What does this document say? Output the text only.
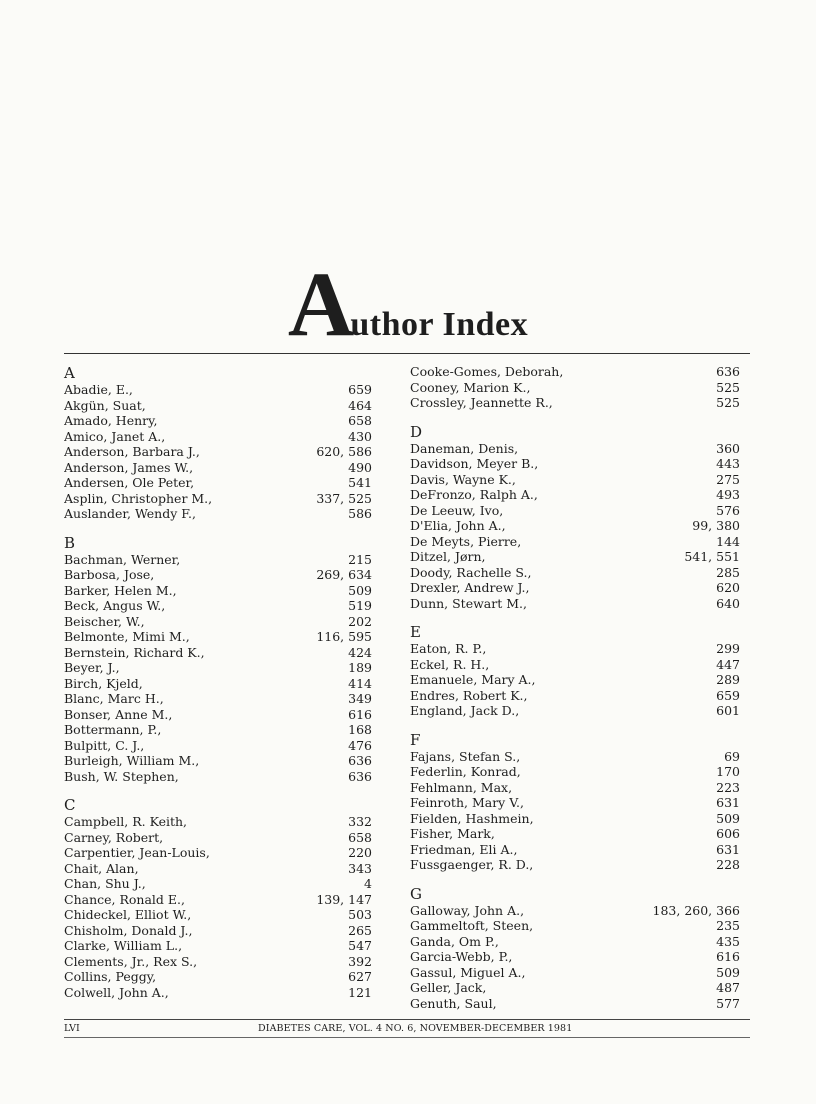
A
uthor Index
A
Abadie, E.,	659
Akgün, Suat,	464
Amado, Henry,	658
Amico, Janet A.,	430
Anderson, Barbara J.,	620, 586
Anderson, James W.,	490
Andersen, Ole Peter,	541
Asplin, Christopher M.,	337, 525
Auslander, Wendy F.,	586
B
Bachman, Werner,	215
Barbosa, Jose,	269, 634
Barker, Helen M.,	509
Beck, Angus W.,	519
Beischer, W.,	202
Belmonte, Mimi M.,	116, 595
Bernstein, Richard K.,	424
Beyer, J.,	189
Birch, Kjeld,	414
Blanc, Marc H.,	349
Bonser, Anne M.,	616
Bottermann, P.,	168
Bulpitt, C. J.,	476
Burleigh, William M.,	636
Bush, W. Stephen,	636
C
Campbell, R. Keith,	332
Carney, Robert,	658
Carpentier, Jean-Louis,	220
Chait, Alan,	343
Chan, Shu J.,	4
Chance, Ronald E.,	139, 147
Chideckel, Elliot W.,	503
Chisholm, Donald J.,	265
Clarke, William L.,	547
Clements, Jr., Rex S.,	392
Collins, Peggy,	627
Colwell, John A.,	121
Cooke-Gomes, Deborah,	636
Cooney, Marion K.,	525
Crossley, Jeannette R.,	525
D
Daneman, Denis,	360
Davidson, Meyer B.,	443
Davis, Wayne K.,	275
DeFronzo, Ralph A.,	493
De Leeuw, Ivo,	576
D'Elia, John A.,	99, 380
De Meyts, Pierre,	144
Ditzel, Jørn,	541, 551
Doody, Rachelle S.,	285
Drexler, Andrew J.,	620
Dunn, Stewart M.,	640
E
Eaton, R. P.,	299
Eckel, R. H.,	447
Emanuele, Mary A.,	289
Endres, Robert K.,	659
England, Jack D.,	601
F
Fajans, Stefan S.,	69
Federlin, Konrad,	170
Fehlmann, Max,	223
Feinroth, Mary V.,	631
Fielden, Hashmein,	509
Fisher, Mark,	606
Friedman, Eli A.,	631
Fussgaenger, R. D.,	228
G
Galloway, John A.,	183, 260, 366
Gammeltoft, Steen,	235
Ganda, Om P.,	435
Garcia-Webb, P.,	616
Gassul, Miguel A.,	509
Geller, Jack,	487
Genuth, Saul,	577
LVI	DIABETES CARE, VOL. 4 NO. 6, NOVEMBER-DECEMBER 1981
